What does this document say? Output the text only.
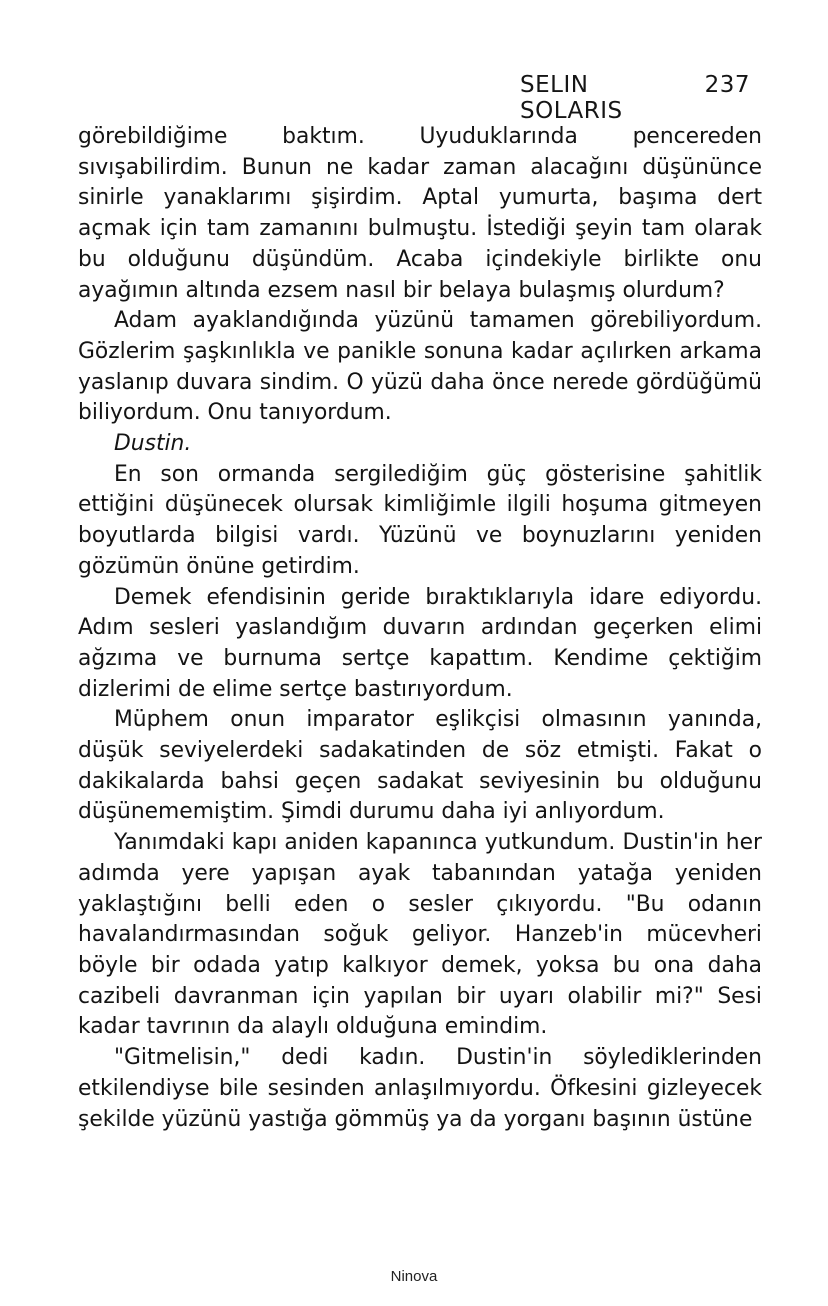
SELIN SOLARIS
237

görebildiğime baktım. Uyuduklarında pencereden sıvışabilirdim. Bunun ne kadar zaman alacağını düşününce sinirle yanaklarımı şişirdim. Aptal yumurta, başıma dert açmak için tam zamanını bulmuştu. İstediği şeyin tam olarak bu olduğunu düşündüm. Acaba içindekiyle birlikte onu ayağımın altında ezsem nasıl bir belaya bulaşmış olurdum?

Adam ayaklandığında yüzünü tamamen görebiliyordum. Gözlerim şaşkınlıkla ve panikle sonuna kadar açılırken arkama yaslanıp duvara sindim. O yüzü daha önce nerede gördüğümü biliyordum. Onu tanıyordum.

Dustin.

En son ormanda sergilediğim güç gösterisine şahitlik ettiğini düşünecek olursak kimliğimle ilgili hoşuma gitmeyen boyutlarda bilgisi vardı. Yüzünü ve boynuzlarını yeniden gözümün önüne getirdim.

Demek efendisinin geride bıraktıklarıyla idare ediyordu. Adım sesleri yaslandığım duvarın ardından geçerken elimi ağzıma ve burnuma sertçe kapattım. Kendime çektiğim dizlerimi de elime sertçe bastırıyordum.

Müphem onun imparator eşlikçisi olmasının yanında, düşük seviyelerdeki sadakatinden de söz etmişti. Fakat o dakikalarda bahsi geçen sadakat seviyesinin bu olduğunu düşünememiştim. Şimdi durumu daha iyi anlıyordum.

Yanımdaki kapı aniden kapanınca yutkundum. Dustin'in her adımda yere yapışan ayak tabanından yatağa yeniden yaklaştığını belli eden o sesler çıkıyordu. "Bu odanın havalandırmasından soğuk geliyor. Hanzeb'in mücevheri böyle bir odada yatıp kalkıyor demek, yoksa bu ona daha cazibeli davranman için yapılan bir uyarı olabilir mi?" Sesi kadar tavrının da alaylı olduğuna emindim.

"Gitmelisin," dedi kadın. Dustin'in söylediklerinden etkilendiyse bile sesinden anlaşılmıyordu. Öfkesini gizleyecek şekilde yüzünü yastığa gömmüş ya da yorganı başının üstüne

Ninova
